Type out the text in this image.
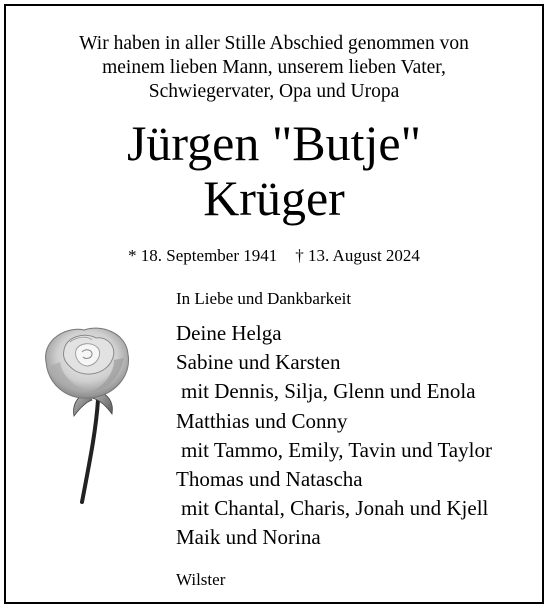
Wir haben in aller Stille Abschied genommen von
meinem lieben Mann, unserem lieben Vater,
Schwiegervater, Opa und Uropa
Jürgen "Butje"
Krüger
* 18. September 1941 † 13. August 2024
In Liebe und Dankbarkeit
Deine Helga
Sabine und Karsten
mit Dennis, Silja, Glenn und Enola
Matthias und Conny
mit Tammo, Emily, Tavin und Taylor
Thomas und Natascha
mit Chantal, Charis, Jonah und Kjell
Maik und Norina
Wilster
